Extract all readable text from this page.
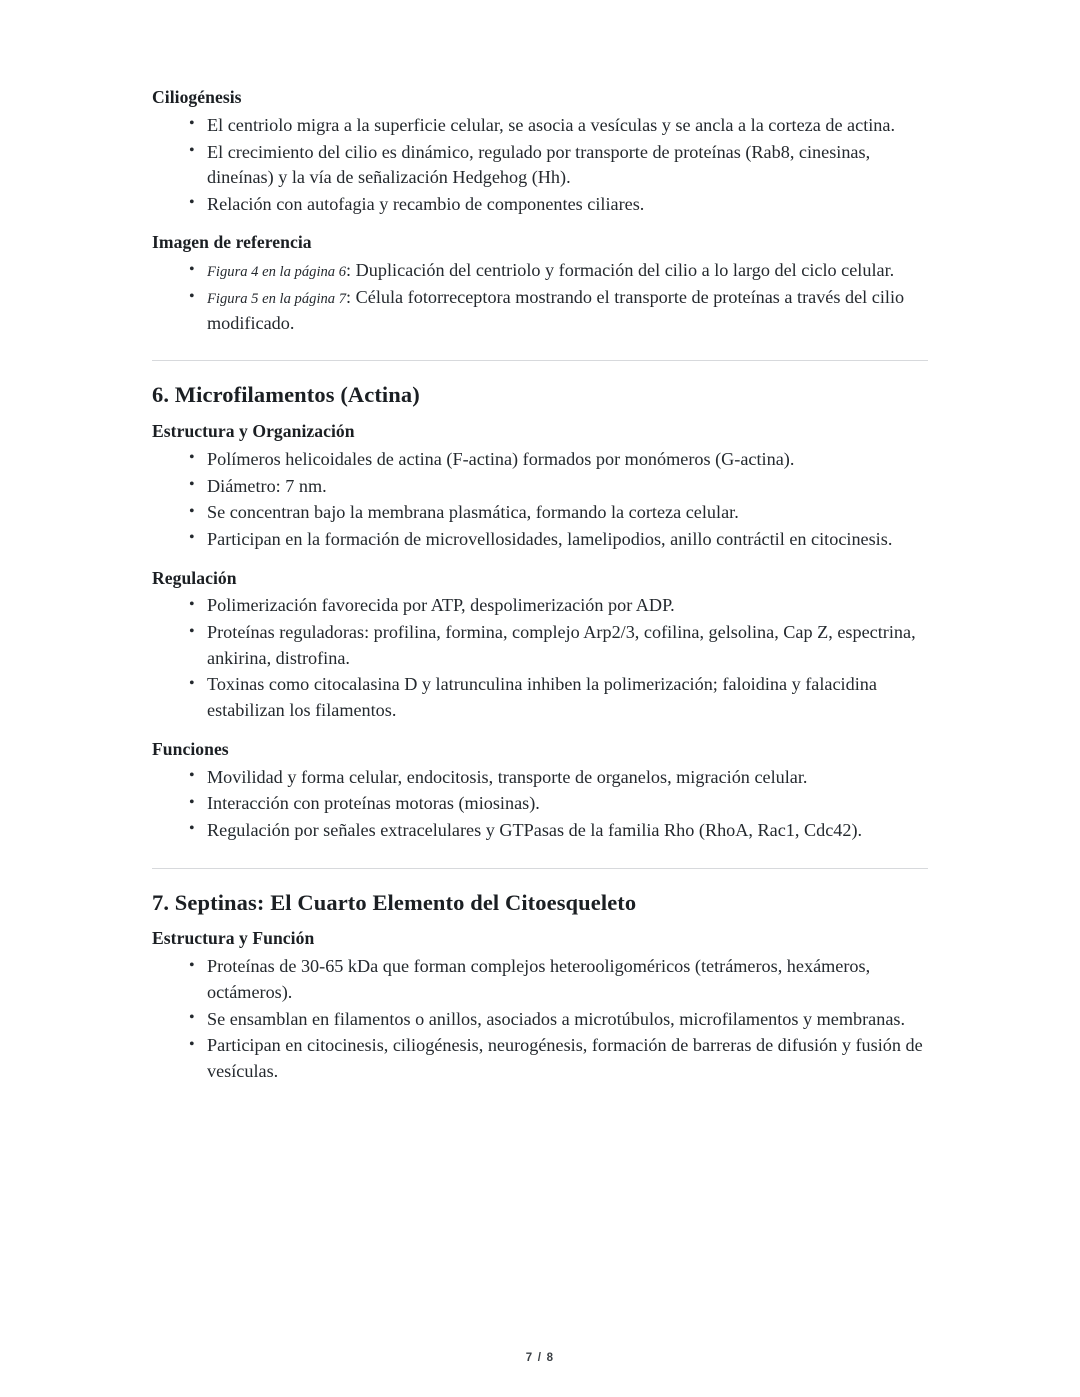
Ciliogénesis
• El centriolo migra a la superficie celular, se asocia a vesículas y se ancla a la corteza de actina.
• El crecimiento del cilio es dinámico, regulado por transporte de proteínas (Rab8, cinesinas, dineínas) y la vía de señalización Hedgehog (Hh).
• Relación con autofagia y recambio de componentes ciliares.
Imagen de referencia
• Figura 4 en la página 6: Duplicación del centriolo y formación del cilio a lo largo del ciclo celular.
• Figura 5 en la página 7: Célula fotorreceptora mostrando el transporte de proteínas a través del cilio modificado.
6. Microfilamentos (Actina)
Estructura y Organización
• Polímeros helicoidales de actina (F-actina) formados por monómeros (G-actina).
• Diámetro: 7 nm.
• Se concentran bajo la membrana plasmática, formando la corteza celular.
• Participan en la formación de microvellosidades, lamelipodios, anillo contráctil en citocinesis.
Regulación
• Polimerización favorecida por ATP, despolimerización por ADP.
• Proteínas reguladoras: profilina, formina, complejo Arp2/3, cofilina, gelsolina, Cap Z, espectrina, ankirina, distrofina.
• Toxinas como citocalasina D y latrunculina inhiben la polimerización; faloidina y falacidina estabilizan los filamentos.
Funciones
• Movilidad y forma celular, endocitosis, transporte de organelos, migración celular.
• Interacción con proteínas motoras (miosinas).
• Regulación por señales extracelulares y GTPasas de la familia Rho (RhoA, Rac1, Cdc42).
7. Septinas: El Cuarto Elemento del Citoesqueleto
Estructura y Función
• Proteínas de 30-65 kDa que forman complejos heterooligoméricos (tetrámeros, hexámeros, octámeros).
• Se ensamblan en filamentos o anillos, asociados a microtúbulos, microfilamentos y membranas.
• Participan en citocinesis, ciliogénesis, neurogénesis, formación de barreras de difusión y fusión de vesículas.
7 / 8
